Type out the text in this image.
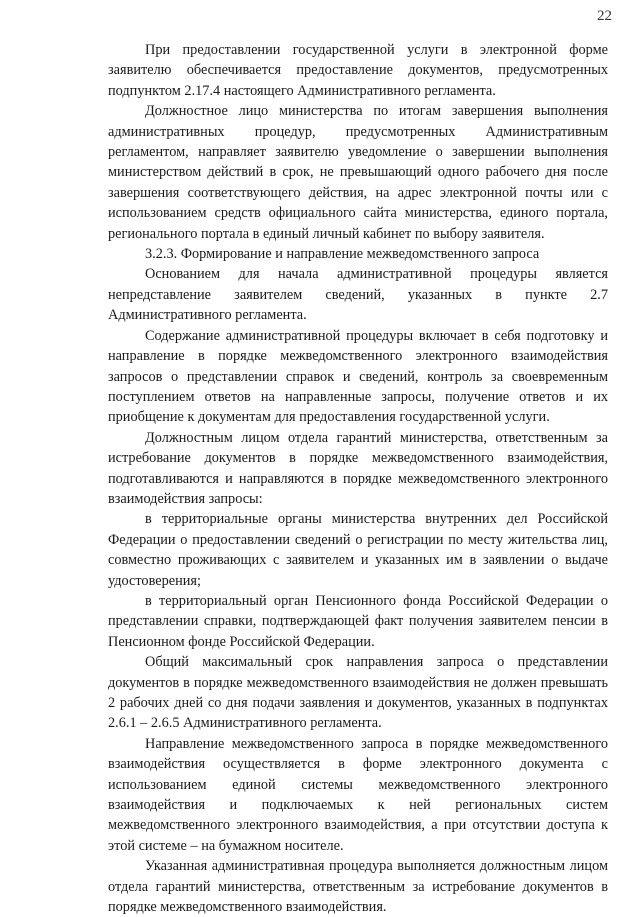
22

При предоставлении государственной услуги в электронной форме заявителю обеспечивается предоставление документов, предусмотренных подпунктом 2.17.4 настоящего Административного регламента.

Должностное лицо министерства по итогам завершения выполнения административных процедур, предусмотренных Административным регламентом, направляет заявителю уведомление о завершении выполнения министерством действий в срок, не превышающий одного рабочего дня после завершения соответствующего действия, на адрес электронной почты или с использованием средств официального сайта министерства, единого портала, регионального портала в единый личный кабинет по выбору заявителя.

3.2.3. Формирование и направление межведомственного запроса

Основанием для начала административной процедуры является непредставление заявителем сведений, указанных в пункте 2.7 Административного регламента.

Содержание административной процедуры включает в себя подготовку и направление в порядке межведомственного электронного взаимодействия запросов о представлении справок и сведений, контроль за своевременным поступлением ответов на направленные запросы, получение ответов и их приобщение к документам для предоставления государственной услуги.

Должностным лицом отдела гарантий министерства, ответственным за истребование документов в порядке межведомственного взаимодействия, подготавливаются и направляются в порядке межведомственного электронного взаимодействия запросы:

в территориальные органы министерства внутренних дел Российской Федерации о предоставлении сведений о регистрации по месту жительства лиц, совместно проживающих с заявителем и указанных им в заявлении о выдаче удостоверения;

в территориальный орган Пенсионного фонда Российской Федерации о представлении справки, подтверждающей факт получения заявителем пенсии в Пенсионном фонде Российской Федерации.

Общий максимальный срок направления запроса о представлении документов в порядке межведомственного взаимодействия не должен превышать 2 рабочих дней со дня подачи заявления и документов, указанных в подпунктах 2.6.1 – 2.6.5 Административного регламента.

Направление межведомственного запроса в порядке межведомственного взаимодействия осуществляется в форме электронного документа с использованием единой системы межведомственного электронного взаимодействия и подключаемых к ней региональных систем межведомственного электронного взаимодействия, а при отсутствии доступа к этой системе – на бумажном носителе.

Указанная административная процедура выполняется должностным лицом отдела гарантий министерства, ответственным за истребование документов в порядке межведомственного взаимодействия.
